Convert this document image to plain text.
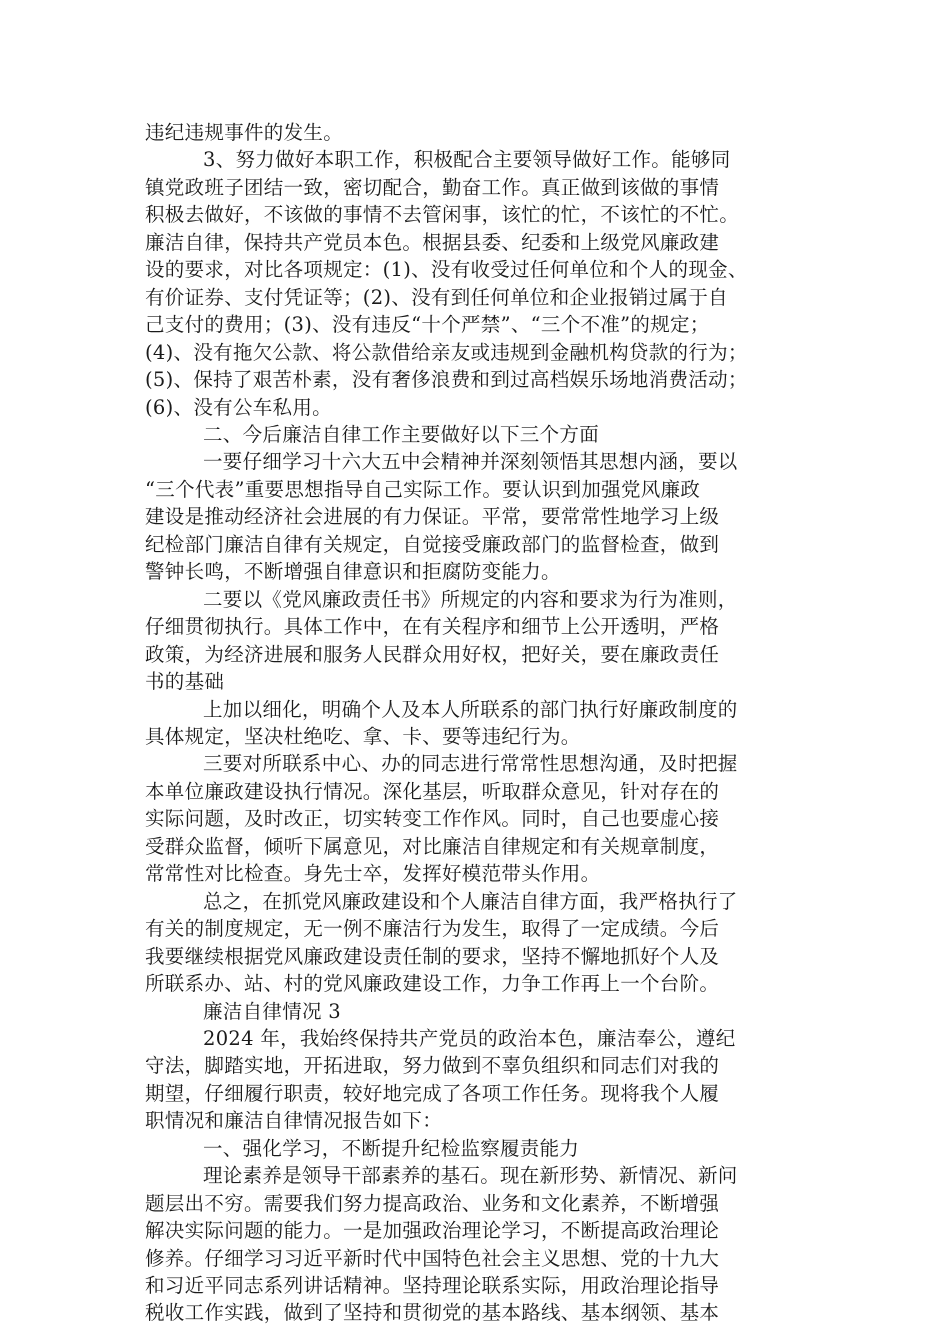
违纪违规事件的发生。
3、努力做好本职工作，积极配合主要领导做好工作。能够同
镇党政班子团结一致，密切配合，勤奋工作。真正做到该做的事情
积极去做好，不该做的事情不去管闲事，该忙的忙，不该忙的不忙。
廉洁自律，保持共产党员本色。根据县委、纪委和上级党风廉政建
设的要求，对比各项规定：(1)、没有收受过任何单位和个人的现金、
有价证券、支付凭证等；(2)、没有到任何单位和企业报销过属于自
己支付的费用；(3)、没有违反“十个严禁”、“三个不准”的规定；
(4)、没有拖欠公款、将公款借给亲友或违规到金融机构贷款的行为；
(5)、保持了艰苦朴素，没有奢侈浪费和到过高档娱乐场地消费活动；
(6)、没有公车私用。
二、今后廉洁自律工作主要做好以下三个方面
一要仔细学习十六大五中会精神并深刻领悟其思想内涵，要以
“三个代表”重要思想指导自己实际工作。要认识到加强党风廉政
建设是推动经济社会进展的有力保证。平常，要常常性地学习上级
纪检部门廉洁自律有关规定，自觉接受廉政部门的监督检查，做到
警钟长鸣，不断增强自律意识和拒腐防变能力。
二要以《党风廉政责任书》所规定的内容和要求为行为准则，
仔细贯彻执行。具体工作中，在有关程序和细节上公开透明，严格
政策，为经济进展和服务人民群众用好权，把好关，要在廉政责任
书的基础
上加以细化，明确个人及本人所联系的部门执行好廉政制度的
具体规定，坚决杜绝吃、拿、卡、要等违纪行为。
三要对所联系中心、办的同志进行常常性思想沟通，及时把握
本单位廉政建设执行情况。深化基层，听取群众意见，针对存在的
实际问题，及时改正，切实转变工作作风。同时，自己也要虚心接
受群众监督，倾听下属意见，对比廉洁自律规定和有关规章制度，
常常性对比检查。身先士卒，发挥好模范带头作用。
总之，在抓党风廉政建设和个人廉洁自律方面，我严格执行了
有关的制度规定，无一例不廉洁行为发生，取得了一定成绩。今后
我要继续根据党风廉政建设责任制的要求，坚持不懈地抓好个人及
所联系办、站、村的党风廉政建设工作，力争工作再上一个台阶。
廉洁自律情况 3
2024 年，我始终保持共产党员的政治本色，廉洁奉公，遵纪
守法，脚踏实地，开拓进取，努力做到不辜负组织和同志们对我的
期望，仔细履行职责，较好地完成了各项工作任务。现将我个人履
职情况和廉洁自律情况报告如下：
一、强化学习，不断提升纪检监察履责能力
理论素养是领导干部素养的基石。现在新形势、新情况、新问
题层出不穷。需要我们努力提高政治、业务和文化素养，不断增强
解决实际问题的能力。一是加强政治理论学习，不断提高政治理论
修养。仔细学习习近平新时代中国特色社会主义思想、党的十九大
和习近平同志系列讲话精神。坚持理论联系实际，用政治理论指导
税收工作实践，做到了坚持和贯彻党的基本路线、基本纲领、基本
